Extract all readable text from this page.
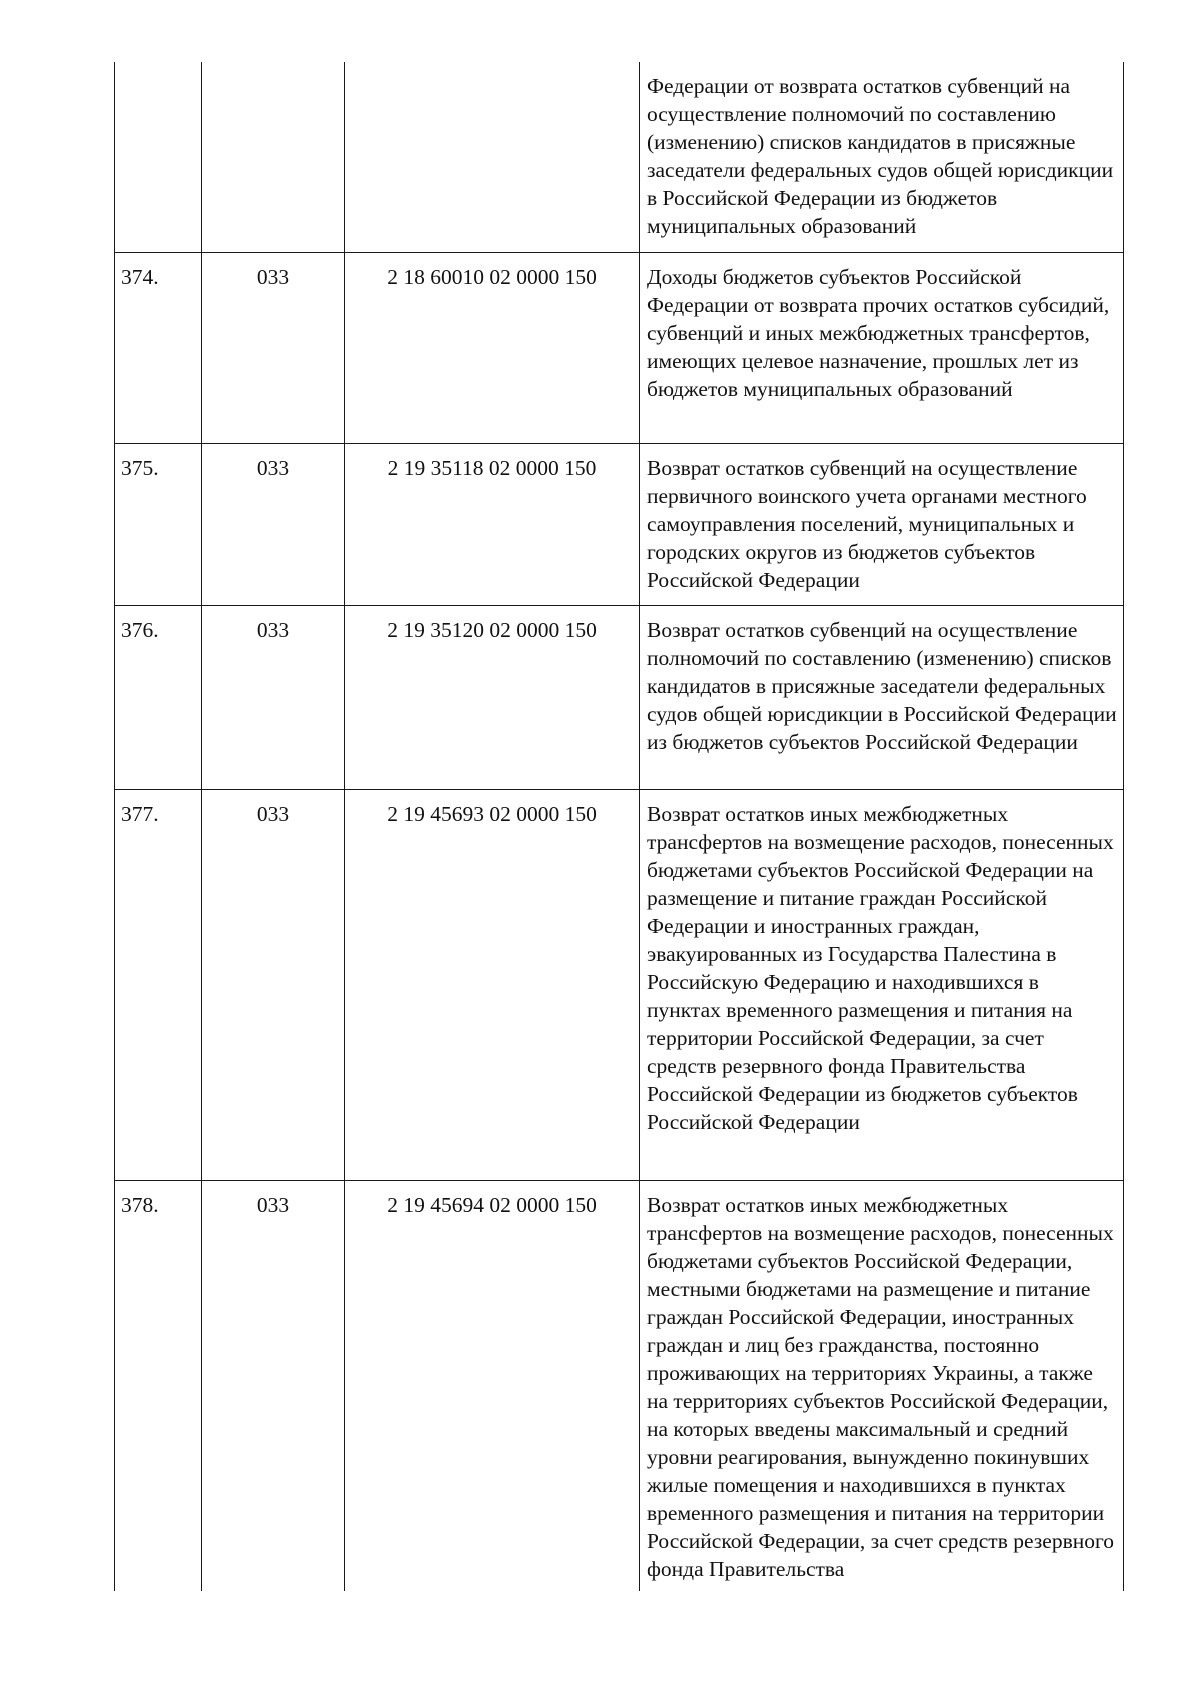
			Федерации от возврата остатков субвенций на осуществление полномочий по составлению (изменению) списков кандидатов в присяжные заседатели федеральных судов общей юрисдикции в Российской Федерации из бюджетов муниципальных образований
374.	033	2 18 60010 02 0000 150	Доходы бюджетов субъектов Российской Федерации от возврата прочих остатков субсидий, субвенций и иных межбюджетных трансфертов, имеющих целевое назначение, прошлых лет из бюджетов муниципальных образований
375.	033	2 19 35118 02 0000 150	Возврат остатков субвенций на осуществление первичного воинского учета органами местного самоуправления поселений, муниципальных и городских округов из бюджетов субъектов Российской Федерации
376.	033	2 19 35120 02 0000 150	Возврат остатков субвенций на осуществление полномочий по составлению (изменению) списков кандидатов в присяжные заседатели федеральных судов общей юрисдикции в Российской Федерации из бюджетов субъектов Российской Федерации
377.	033	2 19 45693 02 0000 150	Возврат остатков иных межбюджетных трансфертов на возмещение расходов, понесенных бюджетами субъектов Российской Федерации на размещение и питание граждан Российской Федерации и иностранных граждан, эвакуированных из Государства Палестина в Российскую Федерацию и находившихся в пунктах временного размещения и питания на территории Российской Федерации, за счет средств резервного фонда Правительства Российской Федерации из бюджетов субъектов Российской Федерации
378.	033	2 19 45694 02 0000 150	Возврат остатков иных межбюджетных трансфертов на возмещение расходов, понесенных бюджетами субъектов Российской Федерации, местными бюджетами на размещение и питание граждан Российской Федерации, иностранных граждан и лиц без гражданства, постоянно проживающих на территориях Украины, а также на территориях субъектов Российской Федерации, на которых введены максимальный и средний уровни реагирования, вынужденно покинувших жилые помещения и находившихся в пунктах временного размещения и питания на территории Российской Федерации, за счет средств резервного фонда Правительства
